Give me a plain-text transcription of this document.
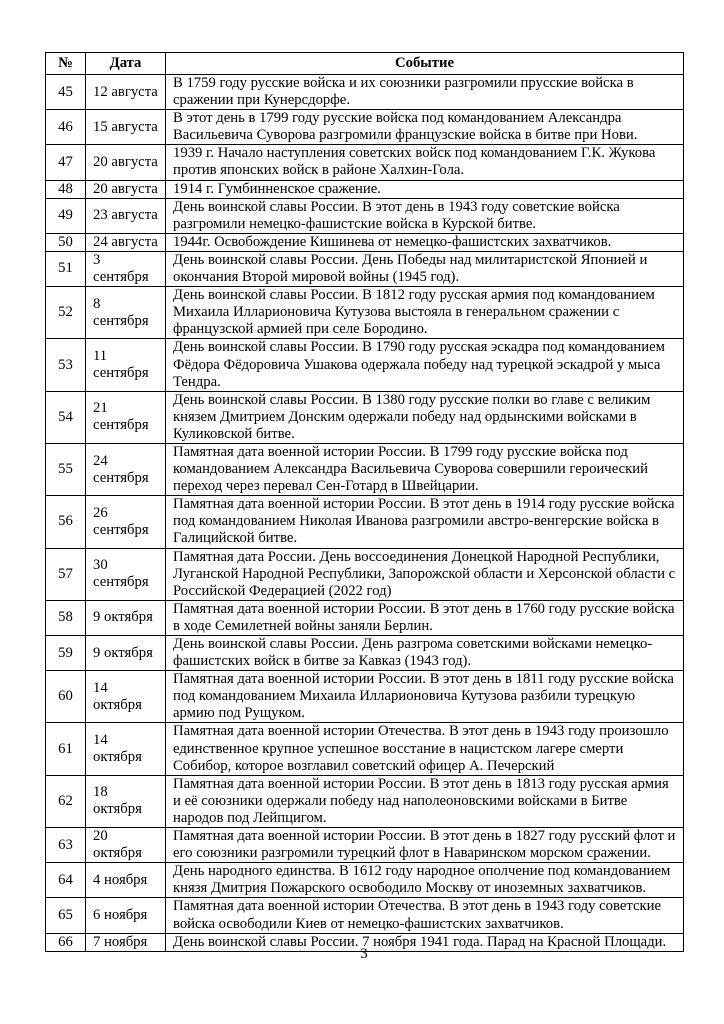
№	Дата	Событие
45	12 августа	В 1759 году русские войска и их союзники разгромили прусские войска в сражении при Кунерсдорфе.
46	15 августа	В этот день в 1799 году русские войска под командованием Александра Васильевича Суворова разгромили французские войска в битве при Нови.
47	20 августа	1939 г. Начало наступления советских войск под командованием Г.К. Жукова против японских войск в районе Халхин-Гола.
48	20 августа	1914 г. Гумбинненское сражение.
49	23 августа	День воинской славы России. В этот день в 1943 году советские войска разгромили немецко-фашистские войска в Курской битве.
50	24 августа	1944г. Освобождение Кишинева от немецко-фашистских захватчиков.
51	3 сентября	День воинской славы России. День Победы над милитаристской Японией и окончания Второй мировой войны (1945 год).
52	8 сентября	День воинской славы России. В 1812 году русская армия под командованием Михаила Илларионовича Кутузова выстояла в генеральном сражении с французской армией при селе Бородино.
53	11 сентября	День воинской славы России. В 1790 году русская эскадра под командованием Фёдора Фёдоровича Ушакова одержала победу над турецкой эскадрой у мыса Тендра.
54	21 сентября	День воинской славы России. В 1380 году русские полки во главе с великим князем Дмитрием Донским одержали победу над ордынскими войсками в Куликовской битве.
55	24 сентября	Памятная дата военной истории России. В 1799 году русские войска под командованием Александра Васильевича Суворова совершили героический переход через перевал Сен-Готард в Швейцарии.
56	26 сентября	Памятная дата военной истории России. В этот день в 1914 году русские войска под командованием Николая Иванова разгромили австро-венгерские войска в Галицийской битве.
57	30 сентября	Памятная дата России. День воссоединения Донецкой Народной Республики, Луганской Народной Республики, Запорожской области и Херсонской области с Российской Федерацией (2022 год)
58	9 октября	Памятная дата военной истории России. В этот день в 1760 году русские войска в ходе Семилетней войны заняли Берлин.
59	9 октября	День воинской славы России. День разгрома советскими войсками немецко-фашистских войск в битве за Кавказ (1943 год).
60	14 октября	Памятная дата военной истории России. В этот день в 1811 году русские войска под командованием Михаила Илларионовича Кутузова разбили турецкую армию под Рущуком.
61	14 октября	Памятная дата военной истории Отечества. В этот день в 1943 году произошло единственное крупное успешное восстание в нацистском лагере смерти Собибор, которое возглавил советский офицер А. Печерский
62	18 октября	Памятная дата военной истории России. В этот день в 1813 году русская армия и её союзники одержали победу над наполеоновскими войсками в Битве народов под Лейпцигом.
63	20 октября	Памятная дата военной истории России. В этот день в 1827 году русский флот и его союзники разгромили турецкий флот в Наваринском морском сражении.
64	4 ноября	День народного единства. В 1612 году народное ополчение под командованием князя Дмитрия Пожарского освободило Москву от иноземных захватчиков.
65	6 ноября	Памятная дата военной истории Отечества. В этот день в 1943 году советские войска освободили Киев от немецко-фашистских захватчиков.
66	7 ноября	День воинской славы России. 7 ноября 1941 года. Парад на Красной Площади.
3
